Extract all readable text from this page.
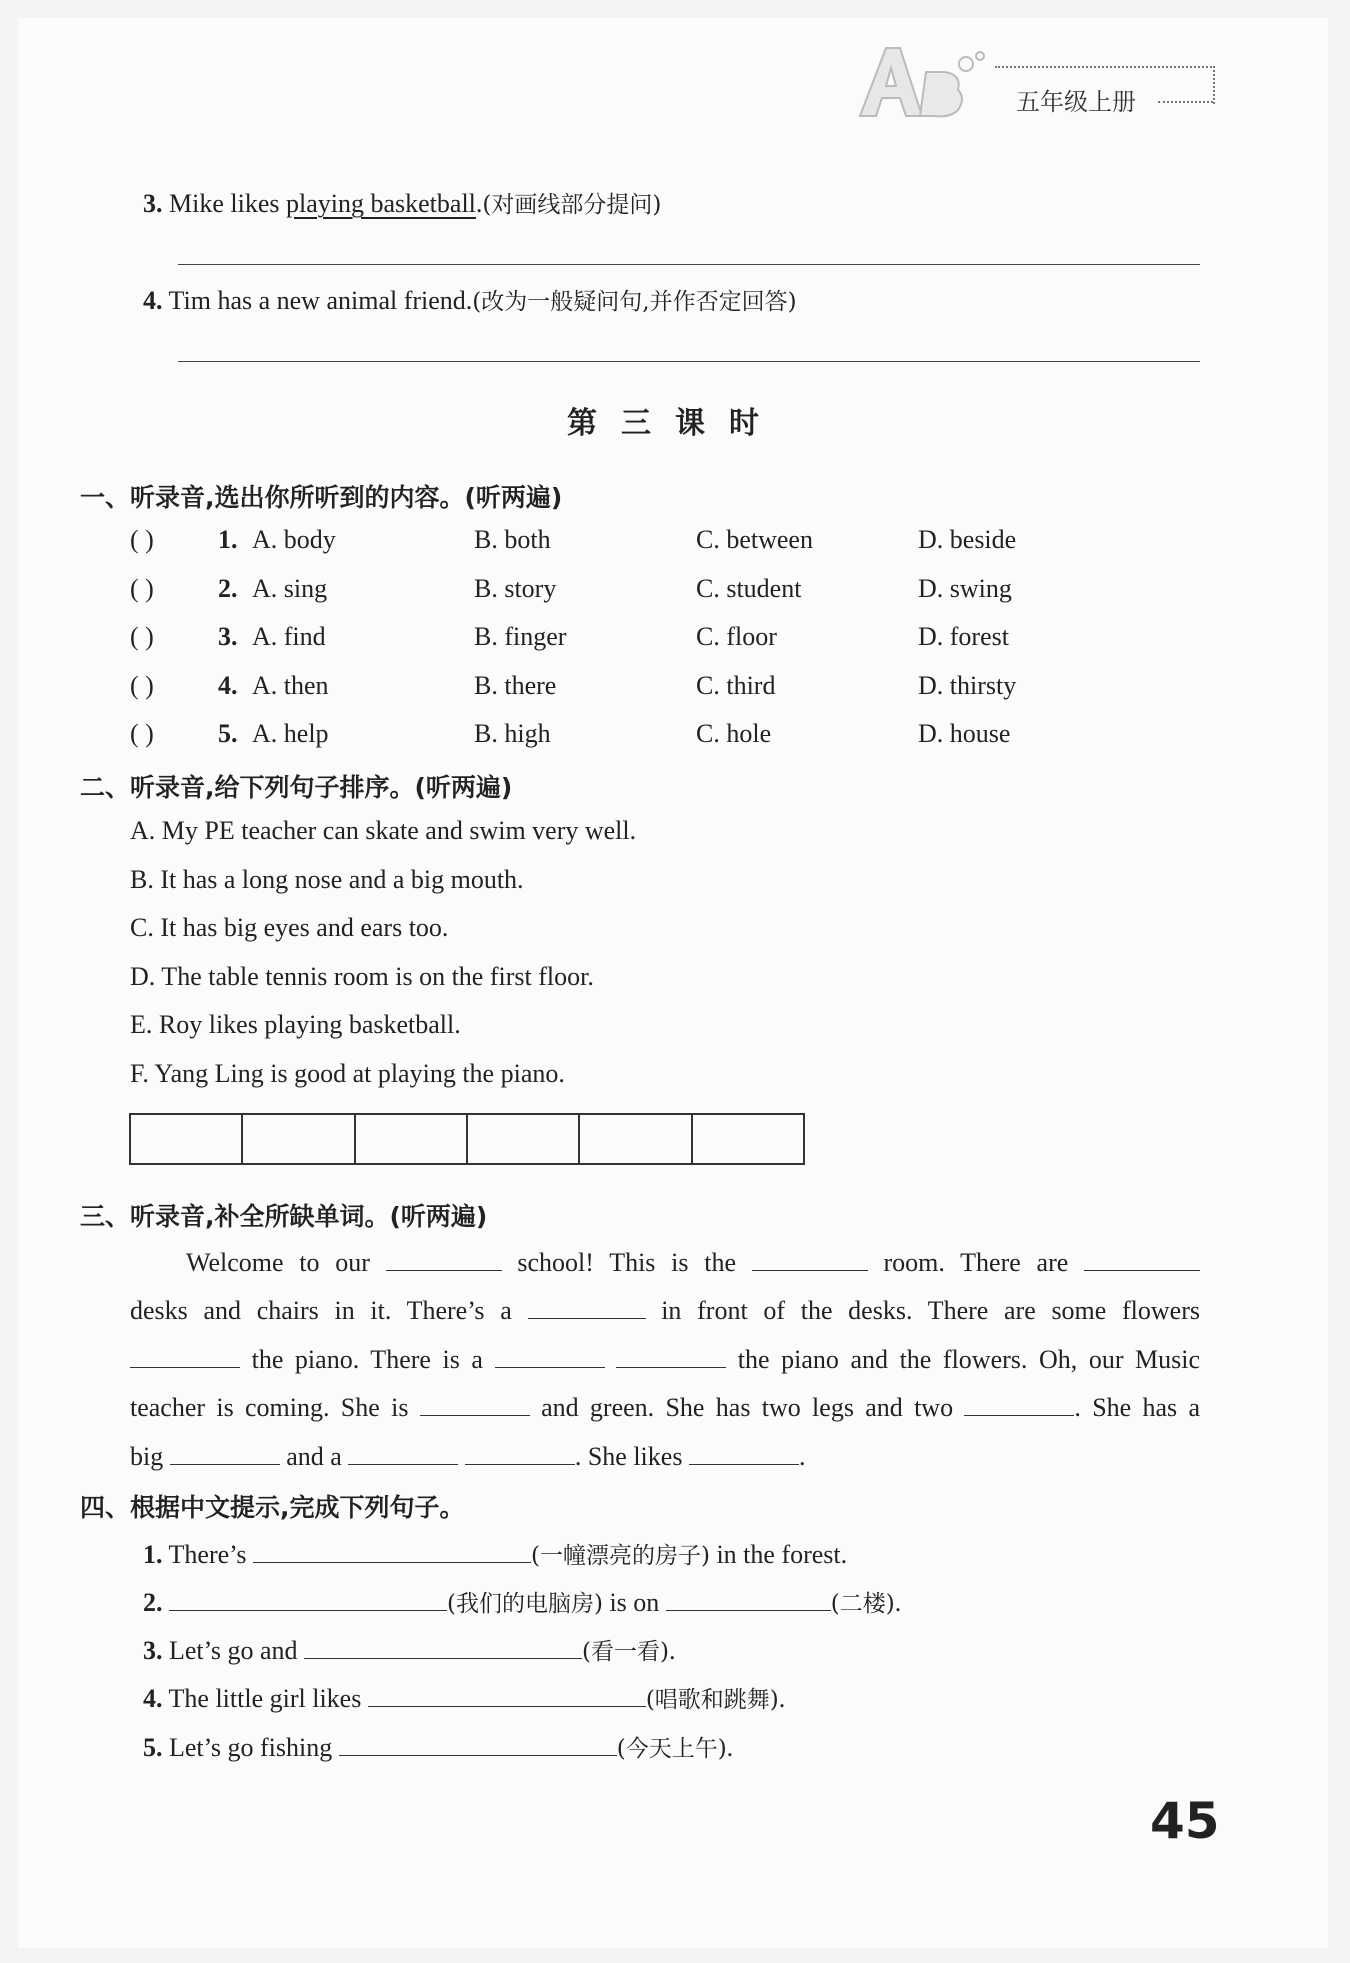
五年级上册
3. Mike likes playing basketball.(对画线部分提问)
4. Tim has a new animal friend.(改为一般疑问句,并作否定回答)
第三课时
一、听录音,选出你所听到的内容。(听两遍)
( ) 1. A. body	B. both	C. between	D. beside
( ) 2. A. sing	B. story	C. student	D. swing
( ) 3. A. find	B. finger	C. floor	D. forest
( ) 4. A. then	B. there	C. third	D. thirsty
( ) 5. A. help	B. high	C. hole	D. house
二、听录音,给下列句子排序。(听两遍)
A. My PE teacher can skate and swim very well.
B. It has a long nose and a big mouth.
C. It has big eyes and ears too.
D. The table tennis room is on the first floor.
E. Roy likes playing basketball.
F. Yang Ling is good at playing the piano.
三、听录音,补全所缺单词。(听两遍)
Welcome to our	school! This is the	room. There are
desks and chairs in it. There’s a	in front of the desks. There are some flowers
the piano. There is a	the piano and the flowers. Oh, our Music
teacher is coming. She is	and green. She has two legs and two	. She has a
big	and a	. She likes	.
四、根据中文提示,完成下列句子。
1. There’s	(一幢漂亮的房子) in the forest.
2.	(我们的电脑房) is on	(二楼).
3. Let’s go and	(看一看).
4. The little girl likes	(唱歌和跳舞).
5. Let’s go fishing	(今天上午).
45
